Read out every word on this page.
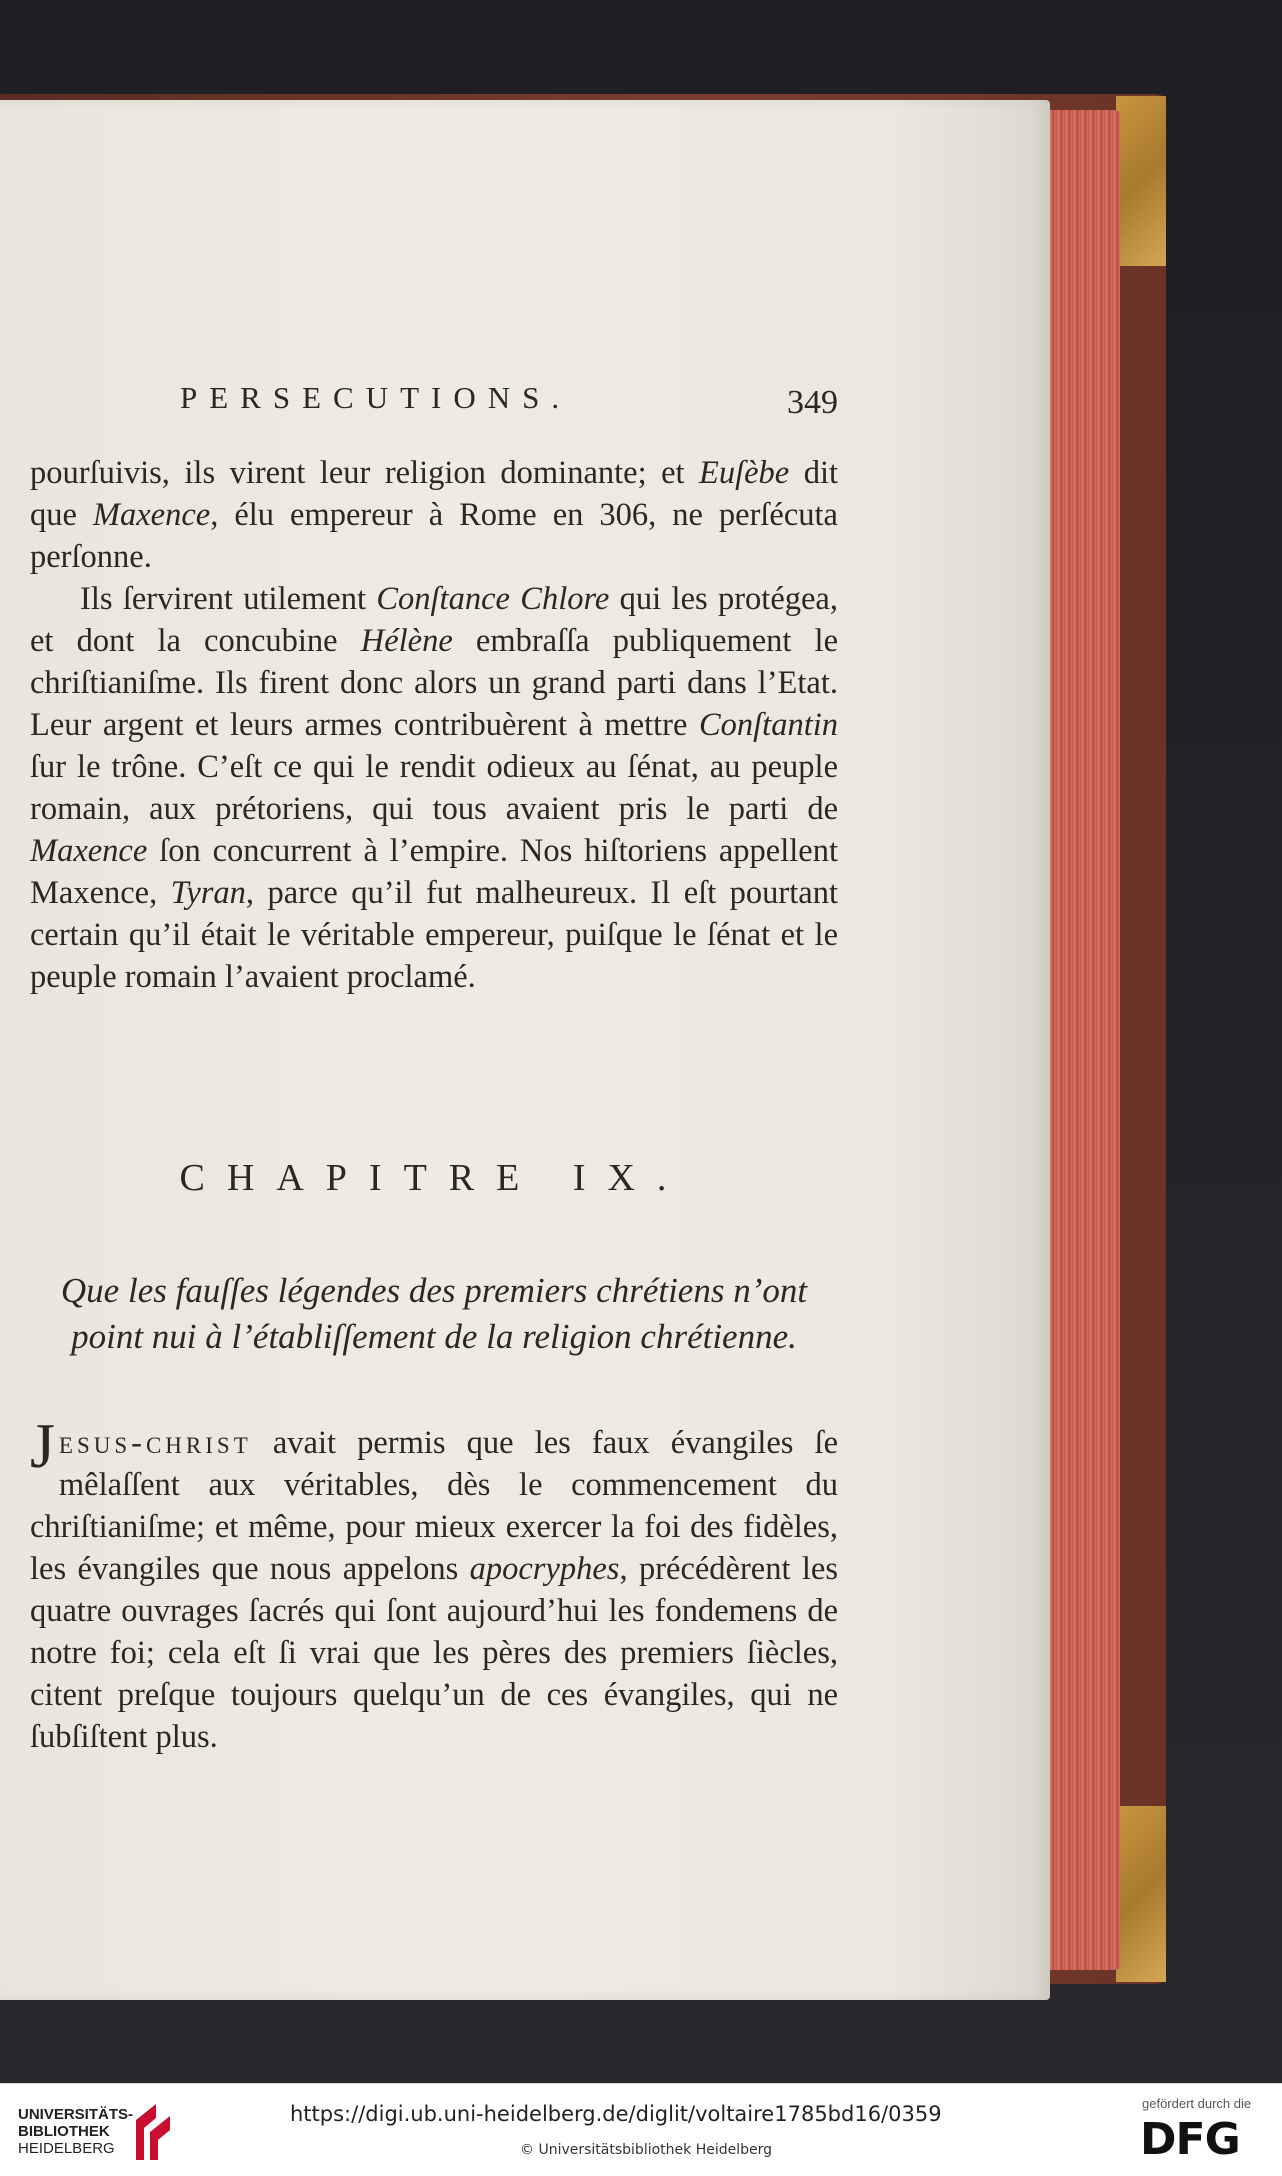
PERSECUTIONS.	349

pourſuivis, ils virent leur religion dominante; et Euſèbe dit que Maxence, élu empereur à Rome en 306, ne perſécuta perſonne.

Ils ſervirent utilement Conſtance Chlore qui les protégea, et dont la concubine Hélène embraſſa publiquement le chriſtianiſme. Ils firent donc alors un grand parti dans l’Etat. Leur argent et leurs armes contribuèrent à mettre Conſtantin ſur le trône. C’eſt ce qui le rendit odieux au ſénat, au peuple romain, aux prétoriens, qui tous avaient pris le parti de Maxence ſon concurrent à l’empire. Nos hiſtoriens appellent Maxence, Tyran, parce qu’il fut malheureux. Il eſt pourtant certain qu’il était le véritable empereur, puiſque le ſénat et le peuple romain l’avaient proclamé.

CHAPITRE IX.
Que les fauſſes légendes des premiers chrétiens n’ont
point nui à l’établiſſement de la religion chrétienne.

Jesus-christ avait permis que les faux évangiles ſe mêlaſſent aux véritables, dès le commencement du chriſtianiſme; et même, pour mieux exercer la foi des fidèles, les évangiles que nous appelons apocryphes, précédèrent les quatre ouvrages ſacrés qui ſont aujourd’hui les fondemens de notre foi; cela eſt ſi vrai que les pères des premiers ſiècles, citent preſque toujours quelqu’un de ces évangiles, qui ne ſubſiſtent plus.

UNIVERSITÄTS-
BIBLIOTHEK
HEIDELBERG
https://digi.ub.uni-heidelberg.de/diglit/voltaire1785bd16/0359
© Universitätsbibliothek Heidelberg
gefördert durch die
DFG
